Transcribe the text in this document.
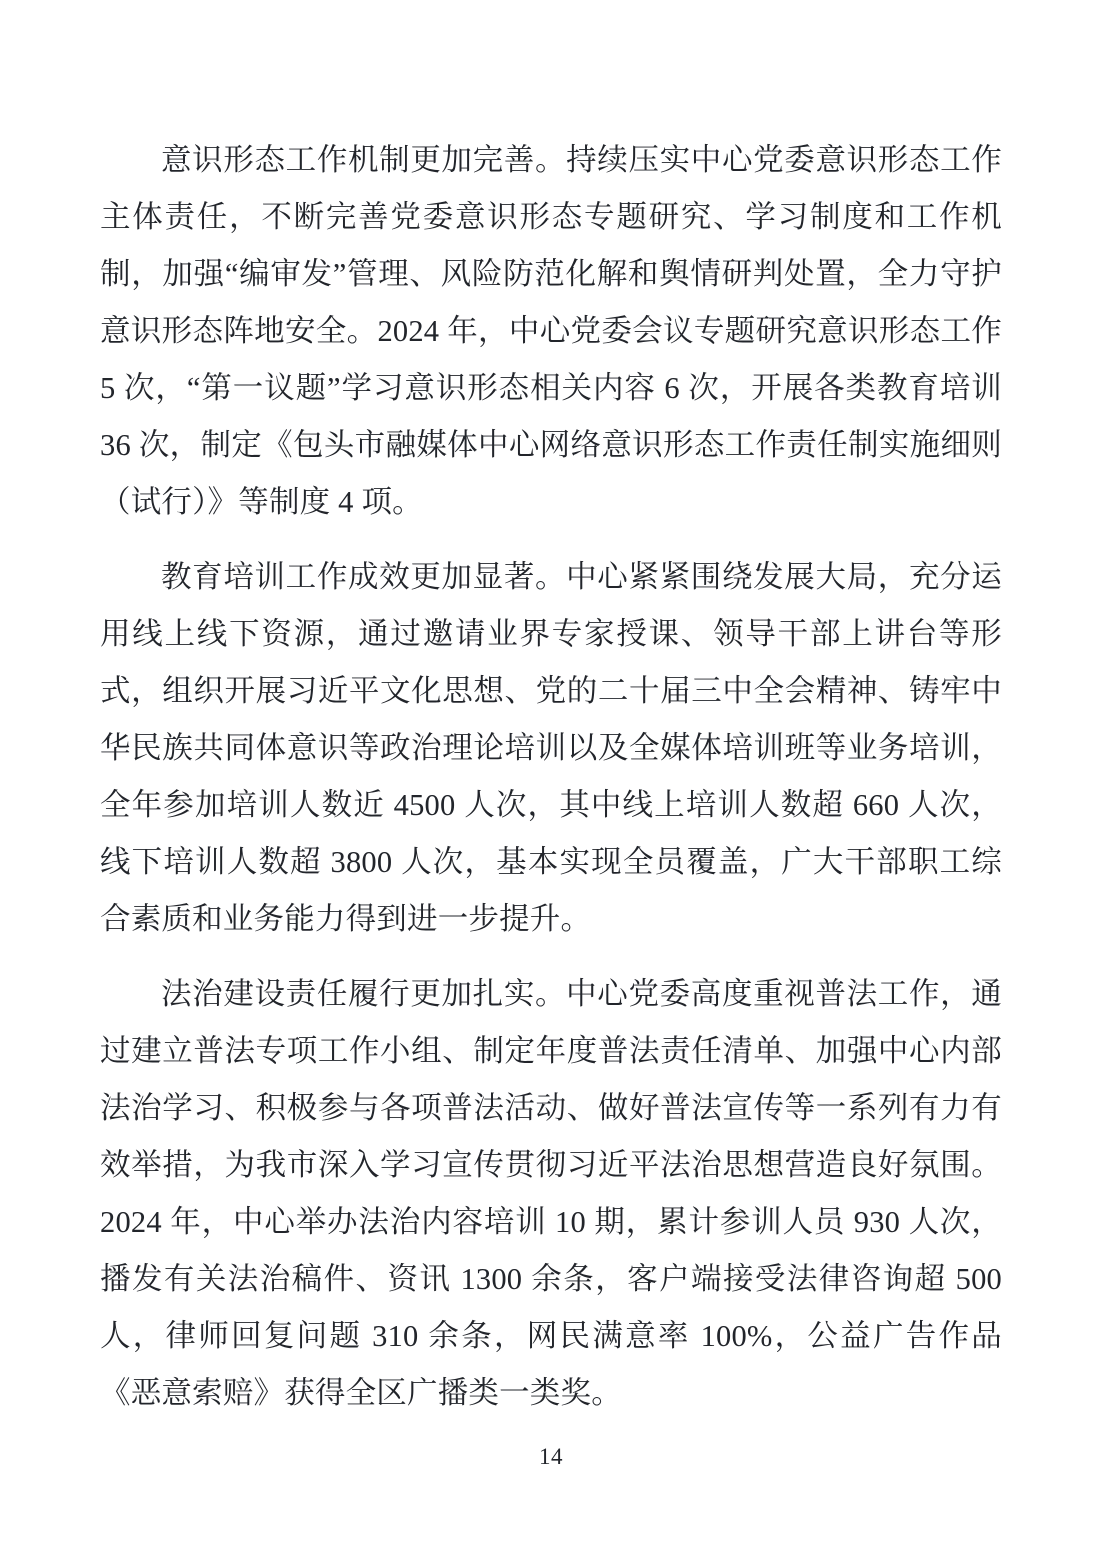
意识形态工作机制更加完善。持续压实中心党委意识形态工作主体责任，不断完善党委意识形态专题研究、学习制度和工作机制，加强“编审发”管理、风险防范化解和舆情研判处置，全力守护意识形态阵地安全。2024 年，中心党委会议专题研究意识形态工作 5 次，“第一议题”学习意识形态相关内容 6 次，开展各类教育培训 36 次，制定《包头市融媒体中心网络意识形态工作责任制实施细则（试行）》等制度 4 项。

教育培训工作成效更加显著。中心紧紧围绕发展大局，充分运用线上线下资源，通过邀请业界专家授课、领导干部上讲台等形式，组织开展习近平文化思想、党的二十届三中全会精神、铸牢中华民族共同体意识等政治理论培训以及全媒体培训班等业务培训，全年参加培训人数近 4500 人次，其中线上培训人数超 660 人次，线下培训人数超 3800 人次，基本实现全员覆盖，广大干部职工综合素质和业务能力得到进一步提升。

法治建设责任履行更加扎实。中心党委高度重视普法工作，通过建立普法专项工作小组、制定年度普法责任清单、加强中心内部法治学习、积极参与各项普法活动、做好普法宣传等一系列有力有效举措，为我市深入学习宣传贯彻习近平法治思想营造良好氛围。2024 年，中心举办法治内容培训 10 期，累计参训人员 930 人次，播发有关法治稿件、资讯 1300 余条，客户端接受法律咨询超 500 人，律师回复问题 310 余条，网民满意率 100%，公益广告作品《恶意索赔》获得全区广播类一类奖。

14
